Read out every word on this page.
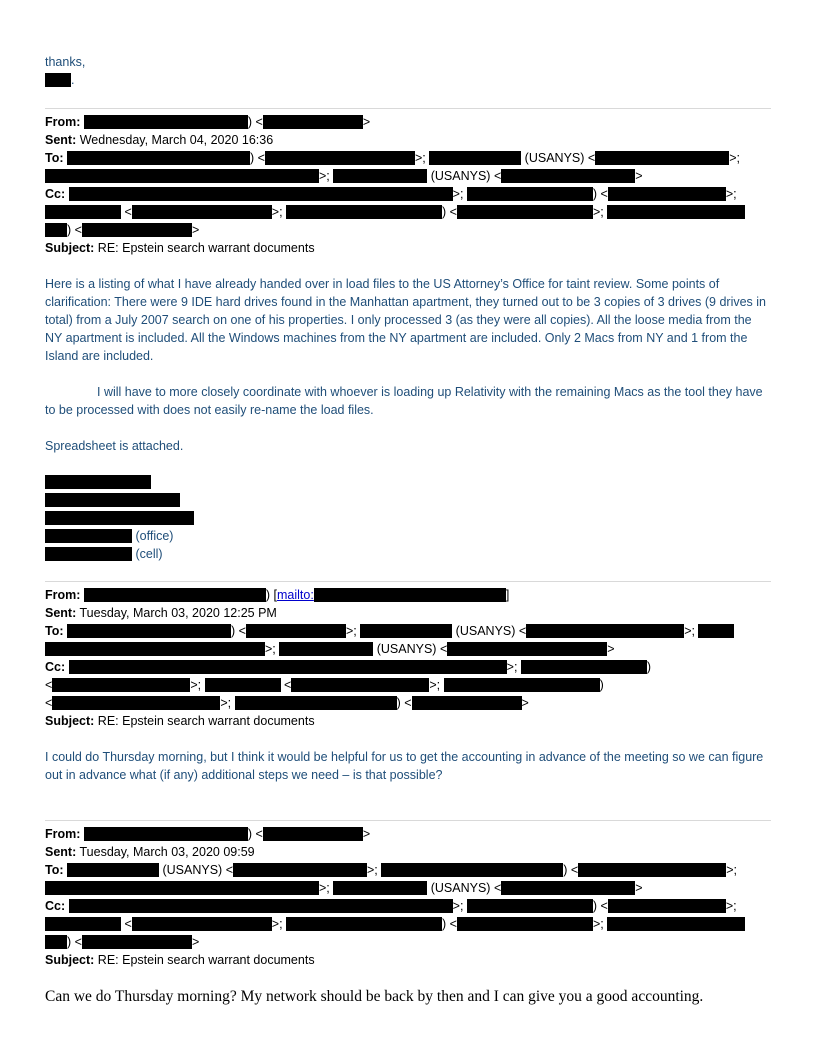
thanks,
.
From:	) <	>
Sent: Wednesday, March 04, 2020 16:36
To:	) <	>;	(USANYS) <	>;
>;	(USANYS) <	>
Cc:	>;	) <	>;
<	>;	) <	>;
) <	>
Subject: RE: Epstein search warrant documents
Here is a listing of what I have already handed over in load files to the US Attorney’s Office for taint review. Some points of clarification: There were 9 IDE hard drives found in the Manhattan apartment, they turned out to be 3 copies of 3 drives (9 drives in total) from a July 2007 search on one of his properties. I only processed 3 (as they were all copies). All the loose media from the NY apartment is included. All the Windows machines from the NY apartment are included. Only 2 Macs from NY and 1 from the Island are included.
I will have to more closely coordinate with whoever is loading up Relativity with the remaining Macs as the tool they have to be processed with does not easily re-name the load files.
Spreadsheet is attached.
(office)
(cell)
From:	) [mailto:	]
Sent: Tuesday, March 03, 2020 12:25 PM
To:	) <	>;	(USANYS) <	>;
>;	(USANYS) <	>
Cc:	>;	)
<	>;	<	>;	)
<	>;	) <	>
Subject: RE: Epstein search warrant documents
I could do Thursday morning, but I think it would be helpful for us to get the accounting in advance of the meeting so we can figure out in advance what (if any) additional steps we need – is that possible?
From:	) <	>
Sent: Tuesday, March 03, 2020 09:59
To:	(USANYS) <	>;	) <	>;
>;	(USANYS) <	>
Cc:	>;	) <	>;
<	>;	) <	>;
) <	>
Subject: RE: Epstein search warrant documents
Can we do Thursday morning? My network should be back by then and I can give you a good accounting.
